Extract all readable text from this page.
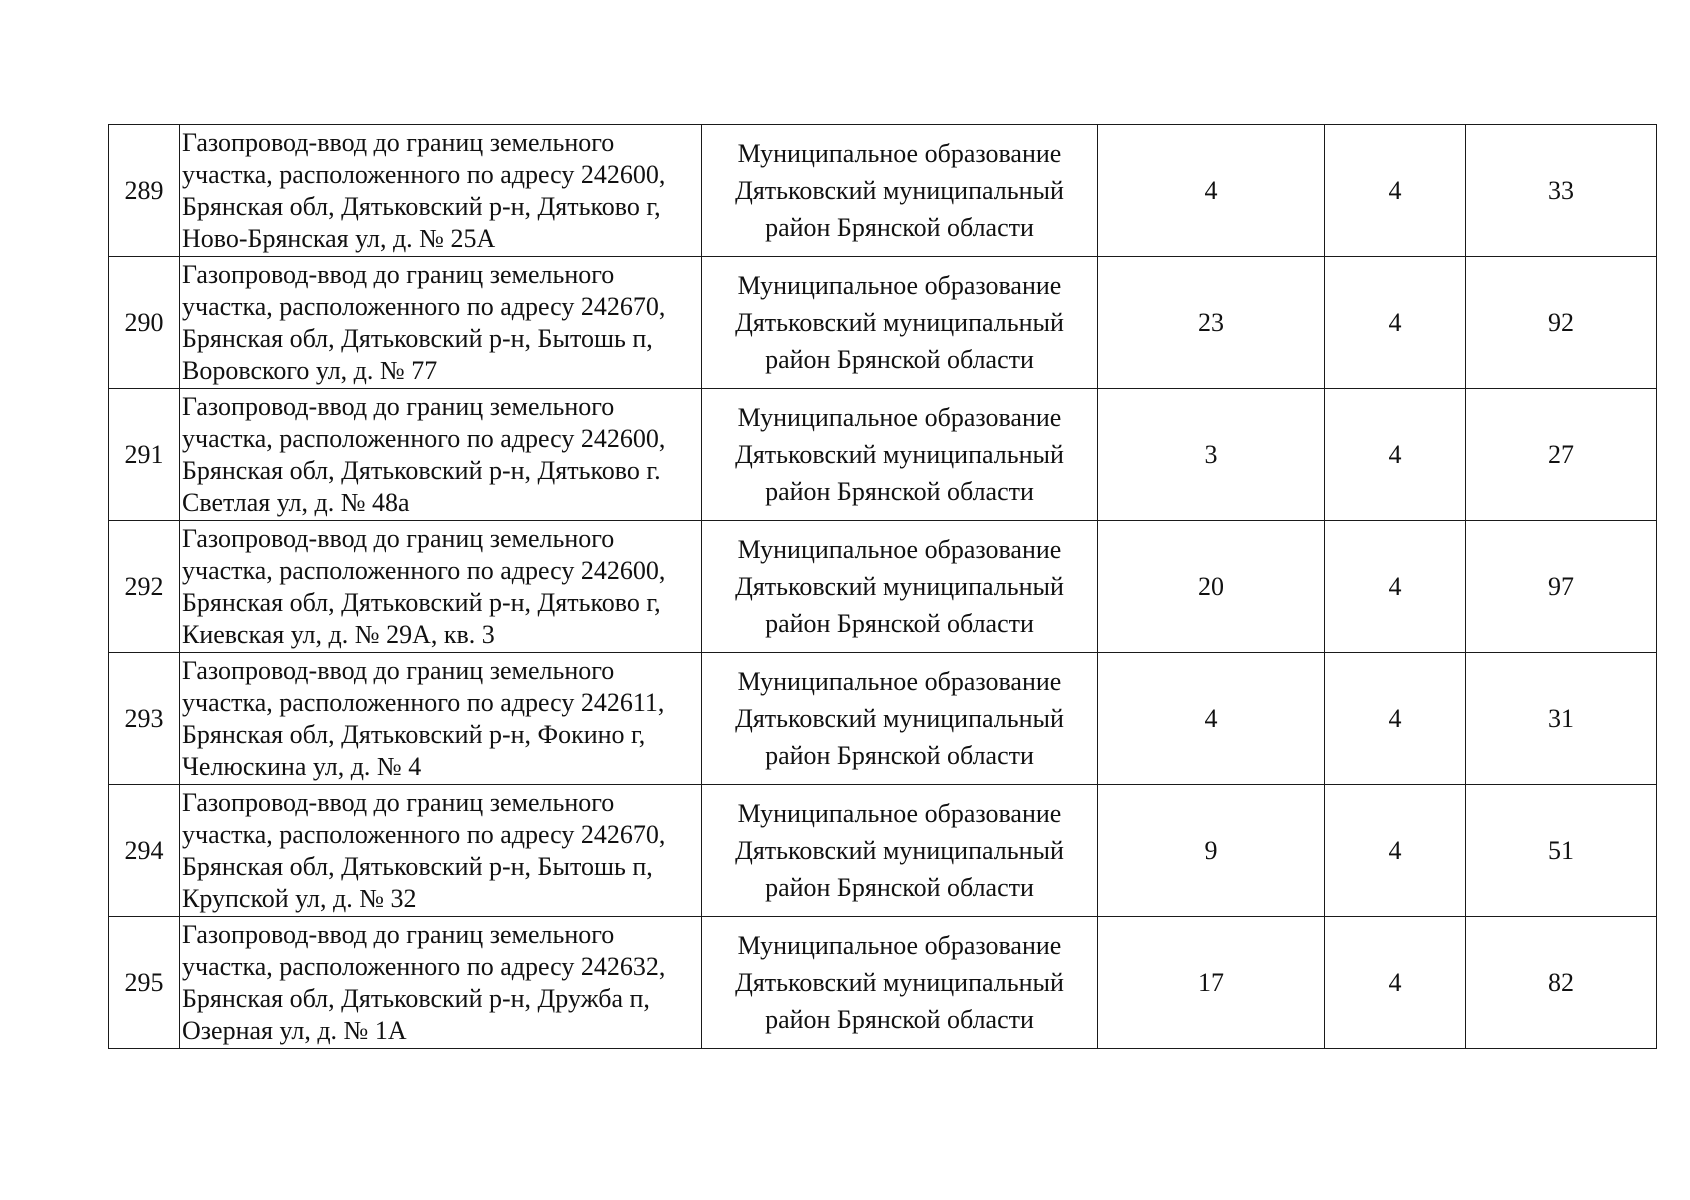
289	Газопровод-ввод до границ земельного участка, расположенного по адресу 242600, Брянская обл, Дятьковский р-н, Дятьково г, Ново-Брянская ул, д. № 25А	Муниципальное образование Дятьковский муниципальный район Брянской области	4	4	33
290	Газопровод-ввод до границ земельного участка, расположенного по адресу 242670, Брянская обл, Дятьковский р-н, Бытошь п, Воровского ул, д. № 77	Муниципальное образование Дятьковский муниципальный район Брянской области	23	4	92
291	Газопровод-ввод до границ земельного участка, расположенного по адресу 242600, Брянская обл, Дятьковский р-н, Дятьково г. Светлая ул, д. № 48а	Муниципальное образование Дятьковский муниципальный район Брянской области	3	4	27
292	Газопровод-ввод до границ земельного участка, расположенного по адресу 242600, Брянская обл, Дятьковский р-н, Дятьково г, Киевская ул, д. № 29А, кв. 3	Муниципальное образование Дятьковский муниципальный район Брянской области	20	4	97
293	Газопровод-ввод до границ земельного участка, расположенного по адресу 242611, Брянская обл, Дятьковский р-н, Фокино г, Челюскина ул, д. № 4	Муниципальное образование Дятьковский муниципальный район Брянской области	4	4	31
294	Газопровод-ввод до границ земельного участка, расположенного по адресу 242670, Брянская обл, Дятьковский р-н, Бытошь п, Крупской ул, д. № 32	Муниципальное образование Дятьковский муниципальный район Брянской области	9	4	51
295	Газопровод-ввод до границ земельного участка, расположенного по адресу 242632, Брянская обл, Дятьковский р-н, Дружба п, Озерная ул, д. № 1А	Муниципальное образование Дятьковский муниципальный район Брянской области	17	4	82
